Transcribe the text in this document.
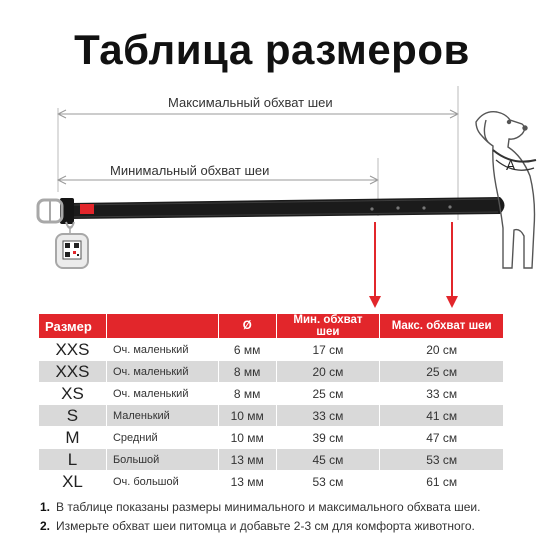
Таблица размеров
Максимальный обхват шеи
Минимальный обхват шеи	A
Размер		Ø	Мин. обхват шеи	Макс. обхват шеи
XXS	Оч. маленький	6 мм	17 см	20 см
XXS	Оч. маленький	8 мм	20 см	25 см
XS	Оч. маленький	8 мм	25 см	33 см
S	Маленький	10 мм	33 см	41 см
M	Средний	10 мм	39 см	47 см
L	Большой	13 мм	45 см	53 см
XL	Оч. большой	13 мм	53 см	61 см
1. В таблице показаны размеры минимального и максимального обхвата шеи.
2. Измерьте обхват шеи питомца и добавьте 2-3 см для комфорта животного.
